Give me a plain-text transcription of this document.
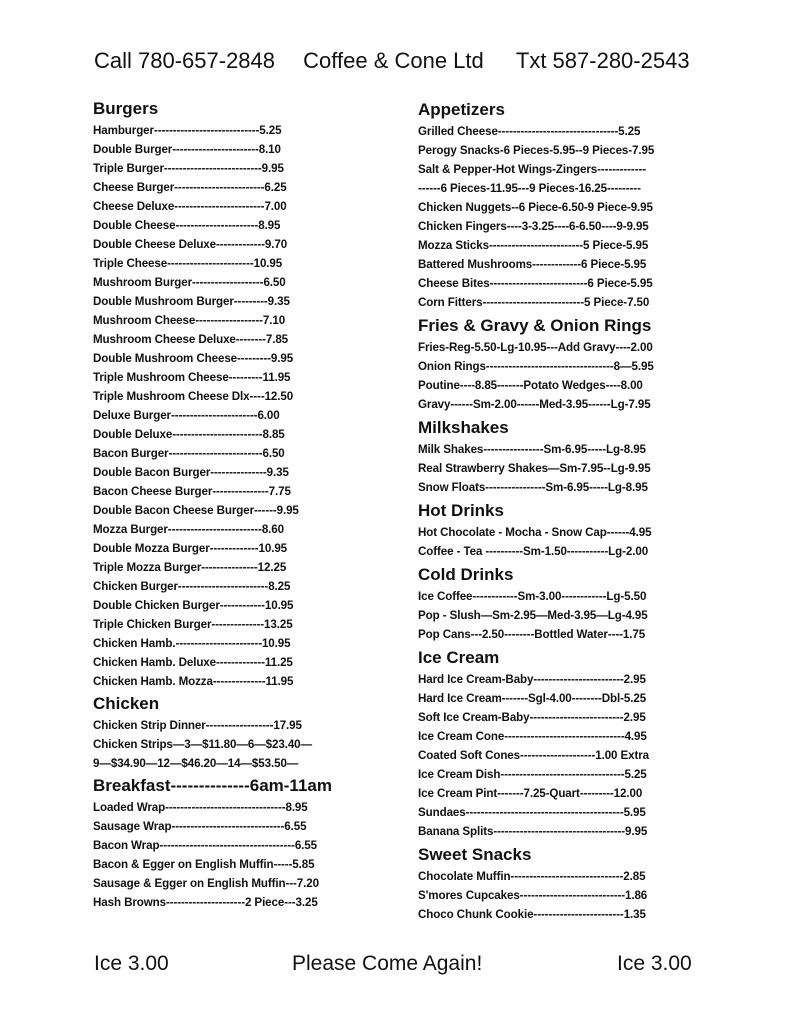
Call 780-657-2848 Coffee & Cone Ltd Txt 587-280-2543
Burgers
Hamburger----------------------------5.25
Double Burger-----------------------8.10
Triple Burger--------------------------9.95
Cheese Burger------------------------6.25
Cheese Deluxe------------------------7.00
Double Cheese----------------------8.95
Double Cheese Deluxe-------------9.70
Triple Cheese-----------------------10.95
Mushroom Burger-------------------6.50
Double Mushroom Burger---------9.35
Mushroom Cheese------------------7.10
Mushroom Cheese Deluxe--------7.85
Double Mushroom Cheese---------9.95
Triple Mushroom Cheese---------11.95
Triple Mushroom Cheese Dlx----12.50
Deluxe Burger-----------------------6.00
Double Deluxe------------------------8.85
Bacon Burger-------------------------6.50
Double Bacon Burger---------------9.35
Bacon Cheese Burger---------------7.75
Double Bacon Cheese Burger------9.95
Mozza Burger-------------------------8.60
Double Mozza Burger-------------10.95
Triple Mozza Burger---------------12.25
Chicken Burger------------------------8.25
Double Chicken Burger------------10.95
Triple Chicken Burger--------------13.25
Chicken Hamb.-----------------------10.95
Chicken Hamb. Deluxe-------------11.25
Chicken Hamb. Mozza--------------11.95
Chicken
Chicken Strip Dinner------------------17.95
Chicken Strips—3—$11.80—6—$23.40—
9—$34.90—12—$46.20—14—$53.50—
Breakfast--------------6am-11am
Loaded Wrap--------------------------------8.95
Sausage Wrap------------------------------6.55
Bacon Wrap------------------------------------6.55
Bacon & Egger on English Muffin-----5.85
Sausage & Egger on English Muffin---7.20
Hash Browns---------------------2 Piece---3.25
Appetizers
Grilled Cheese--------------------------------5.25
Perogy Snacks-6 Pieces-5.95--9 Pieces-7.95
Salt & Pepper-Hot Wings-Zingers-------------
------6 Pieces-11.95---9 Pieces-16.25---------
Chicken Nuggets--6 Piece-6.50-9 Piece-9.95
Chicken Fingers----3-3.25----6-6.50----9-9.95
Mozza Sticks-------------------------5 Piece-5.95
Battered Mushrooms-------------6 Piece-5.95
Cheese Bites--------------------------6 Piece-5.95
Corn Fitters---------------------------5 Piece-7.50
Fries & Gravy & Onion Rings
Fries-Reg-5.50-Lg-10.95---Add Gravy----2.00
Onion Rings----------------------------------8—5.95
Poutine----8.85-------Potato Wedges----8.00
Gravy------Sm-2.00------Med-3.95------Lg-7.95
Milkshakes
Milk Shakes----------------Sm-6.95-----Lg-8.95
Real Strawberry Shakes—Sm-7.95--Lg-9.95
Snow Floats----------------Sm-6.95-----Lg-8.95
Hot Drinks
Hot Chocolate - Mocha - Snow Cap------4.95
Coffee - Tea ----------Sm-1.50-----------Lg-2.00
Cold Drinks
Ice Coffee------------Sm-3.00------------Lg-5.50
Pop - Slush—Sm-2.95—Med-3.95—Lg-4.95
Pop Cans---2.50--------Bottled Water----1.75
Ice Cream
Hard Ice Cream-Baby------------------------2.95
Hard Ice Cream-------Sgl-4.00--------Dbl-5.25
Soft Ice Cream-Baby-------------------------2.95
Ice Cream Cone--------------------------------4.95
Coated Soft Cones--------------------1.00 Extra
Ice Cream Dish---------------------------------5.25
Ice Cream Pint-------7.25-Quart---------12.00
Sundaes------------------------------------------5.95
Banana Splits-----------------------------------9.95
Sweet Snacks
Chocolate Muffin------------------------------2.85
S'mores Cupcakes----------------------------1.86
Choco Chunk Cookie------------------------1.35
Ice 3.00	Please Come Again!	Ice 3.00
